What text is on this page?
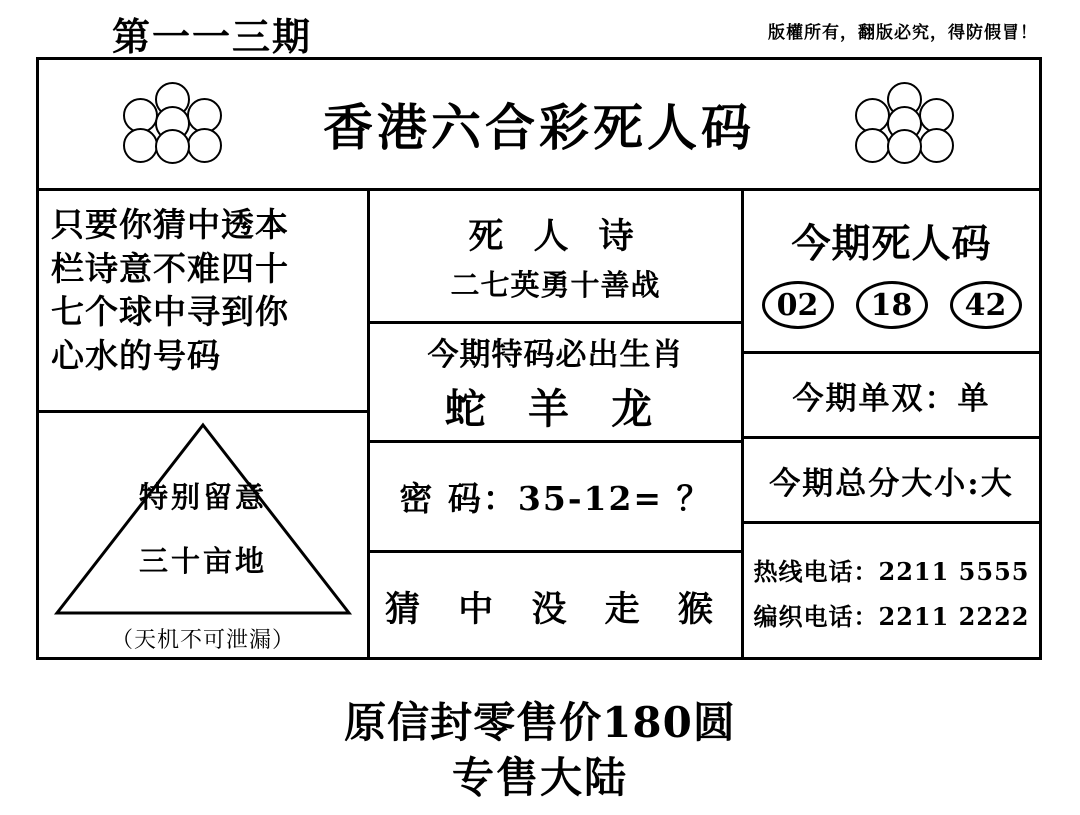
第一一三期	版權所有，翻版必究，得防假冒！
香港六合彩死人码
只要你猜中透本
栏诗意不难四十
七个球中寻到你
心水的号码
特别留意
三十亩地
（天机不可泄漏）
死 人 诗
二七英勇十善战
今期特码必出生肖
蛇 羊 龙
密 码：35-12= ？
猜 中 没 走 猴
今期死人码
02	18	42
今期单双：单
今期总分大小:大
热线电话：2211 5555
编织电话：2211 2222
原信封零售价180圆
专售大陆
